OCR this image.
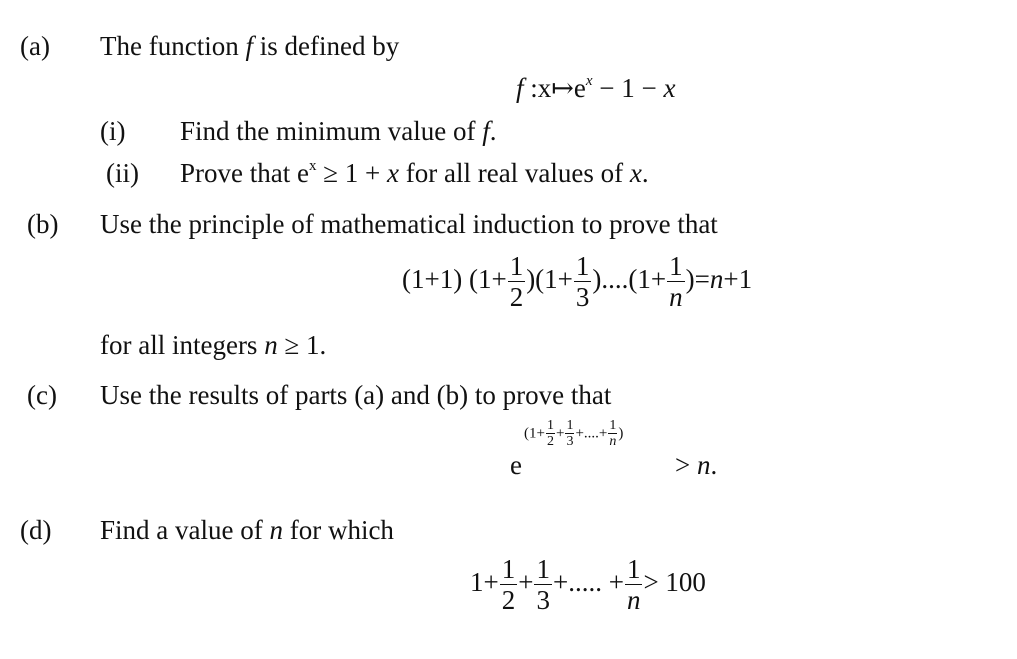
(a) The function f is defined by
f $:x↦e^x - 1 - x$
(i) Find the minimum value of f.
(ii) Prove that $e^x \ge 1 + x$ for all real values of x.
(b) Use the principle of mathematical induction to prove that
(1+1) $(1+ \frac{1}{2} )(1+ \frac{1}{3} )....(1+ \frac{1}{n} )=n+1$
for all integers n ≥ 1.
(c) Use the results of parts (a) and (b) to prove that
e
($1+ \frac{1}{2} + \frac{1}{3}$ +....+ $\frac{1}{n}$ )
> n.
(d) Find a value of n for which
$1+ \frac{1}{2} + \frac{1}{3}$ +..... + $\frac{1}{n} > 100$
